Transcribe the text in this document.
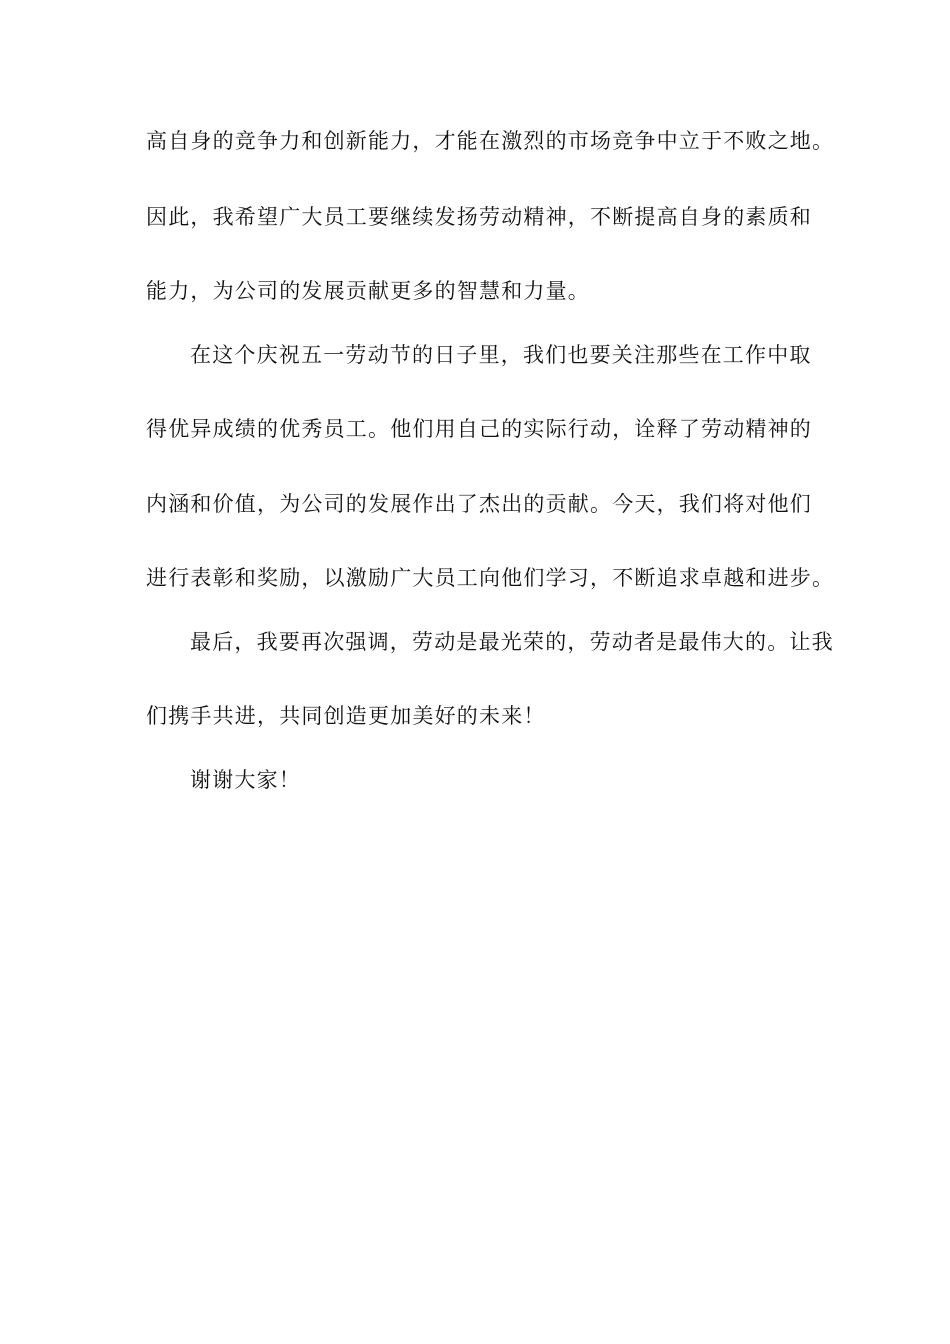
高自身的竞争力和创新能力，才能在激烈的市场竞争中立于不败之地。
因此，我希望广大员工要继续发扬劳动精神，不断提高自身的素质和
能力，为公司的发展贡献更多的智慧和力量。
在这个庆祝五一劳动节的日子里，我们也要关注那些在工作中取
得优异成绩的优秀员工。他们用自己的实际行动，诠释了劳动精神的
内涵和价值，为公司的发展作出了杰出的贡献。今天，我们将对他们
进行表彰和奖励，以激励广大员工向他们学习，不断追求卓越和进步。
最后，我要再次强调，劳动是最光荣的，劳动者是最伟大的。让我
们携手共进，共同创造更加美好的未来！
谢谢大家！
